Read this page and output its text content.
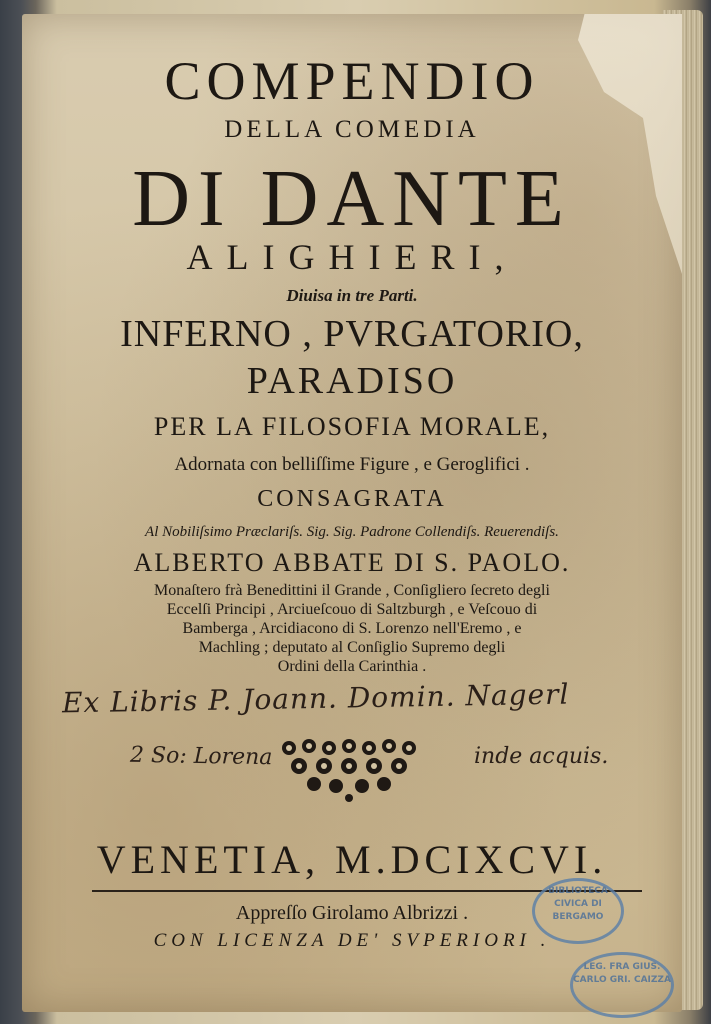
COMPENDIO
DELLA COMEDIA
DI DANTE
ALIGHIERI,
Diuisa in tre Parti.
INFERNO , PVRGATORIO,
PARADISO
PER LA FILOSOFIA MORALE,
Adornata con belliſſime Figure , e Geroglifici .
CONSAGRATA
Al Nobiliſsimo Præclariſs. Sig. Sig. Padrone Collendiſs. Reuerendiſs.
ALBERTO ABBATE DI S. PAOLO.
Monaſtero frà Benedittini il Grande , Conſigliero ſecreto degli
Eccelſi Principi , Arciueſcouo di Saltzburgh , e Veſcouo di
Bamberga , Arcidiacono di S. Lorenzo nell'Eremo , e
Machling ; deputato al Conſiglio Supremo degli
Ordini della Carinthia .
Ex Libris P. Joann. Domin. Nagerl
2 So: Lorena	inde acquis.
VENETIA, M.DCIXCVI.
Appreſſo Girolamo Albrizzi .
CON LICENZA DE' SVPERIORI .
BIBLIOTECA CIVICA DI BERGAMO
LEG. FRA GIUS. CARLO GRI. CAIZZA
